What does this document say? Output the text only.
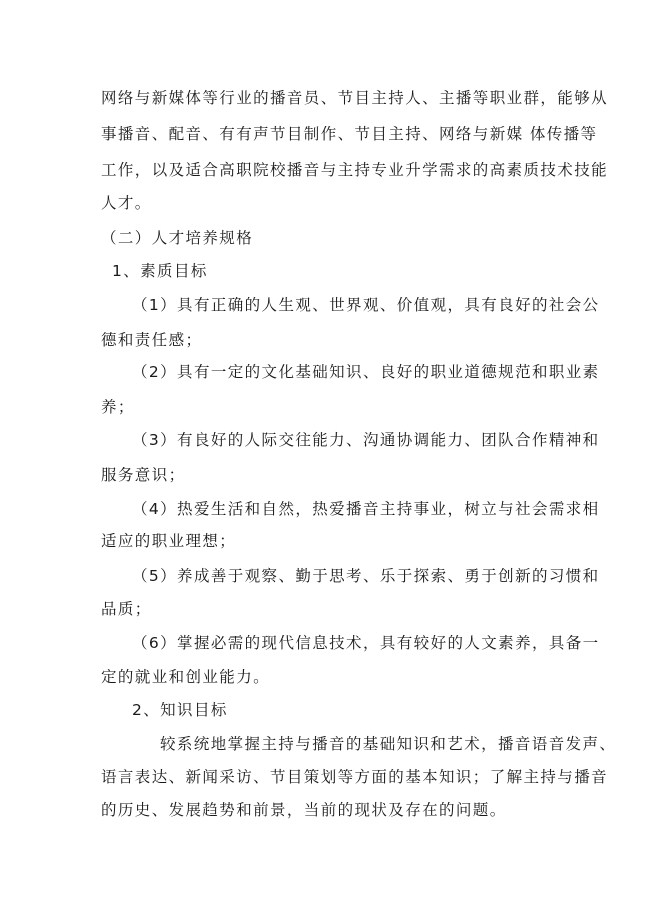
网络与新媒体等行业的播音员、节目主持人、主播等职业群，能够从
事播音、配音、有有声节目制作、节目主持、网络与新媒 体传播等
工作，以及适合高职院校播音与主持专业升学需求的高素质技术技能
人才。
（二）人才培养规格
1、素质目标
（1）具有正确的人生观、世界观、价值观，具有良好的社会公
德和责任感；
（2）具有一定的文化基础知识、良好的职业道德规范和职业素
养；
（3）有良好的人际交往能力、沟通协调能力、团队合作精神和
服务意识；
（4）热爱生活和自然，热爱播音主持事业，树立与社会需求相
适应的职业理想；
（5）养成善于观察、勤于思考、乐于探索、勇于创新的习惯和
品质；
（6）掌握必需的现代信息技术，具有较好的人文素养，具备一
定的就业和创业能力。
2、知识目标
较系统地掌握主持与播音的基础知识和艺术，播音语音发声、
语言表达、新闻采访、节目策划等方面的基本知识；了解主持与播音
的历史、发展趋势和前景，当前的现状及存在的问题。
